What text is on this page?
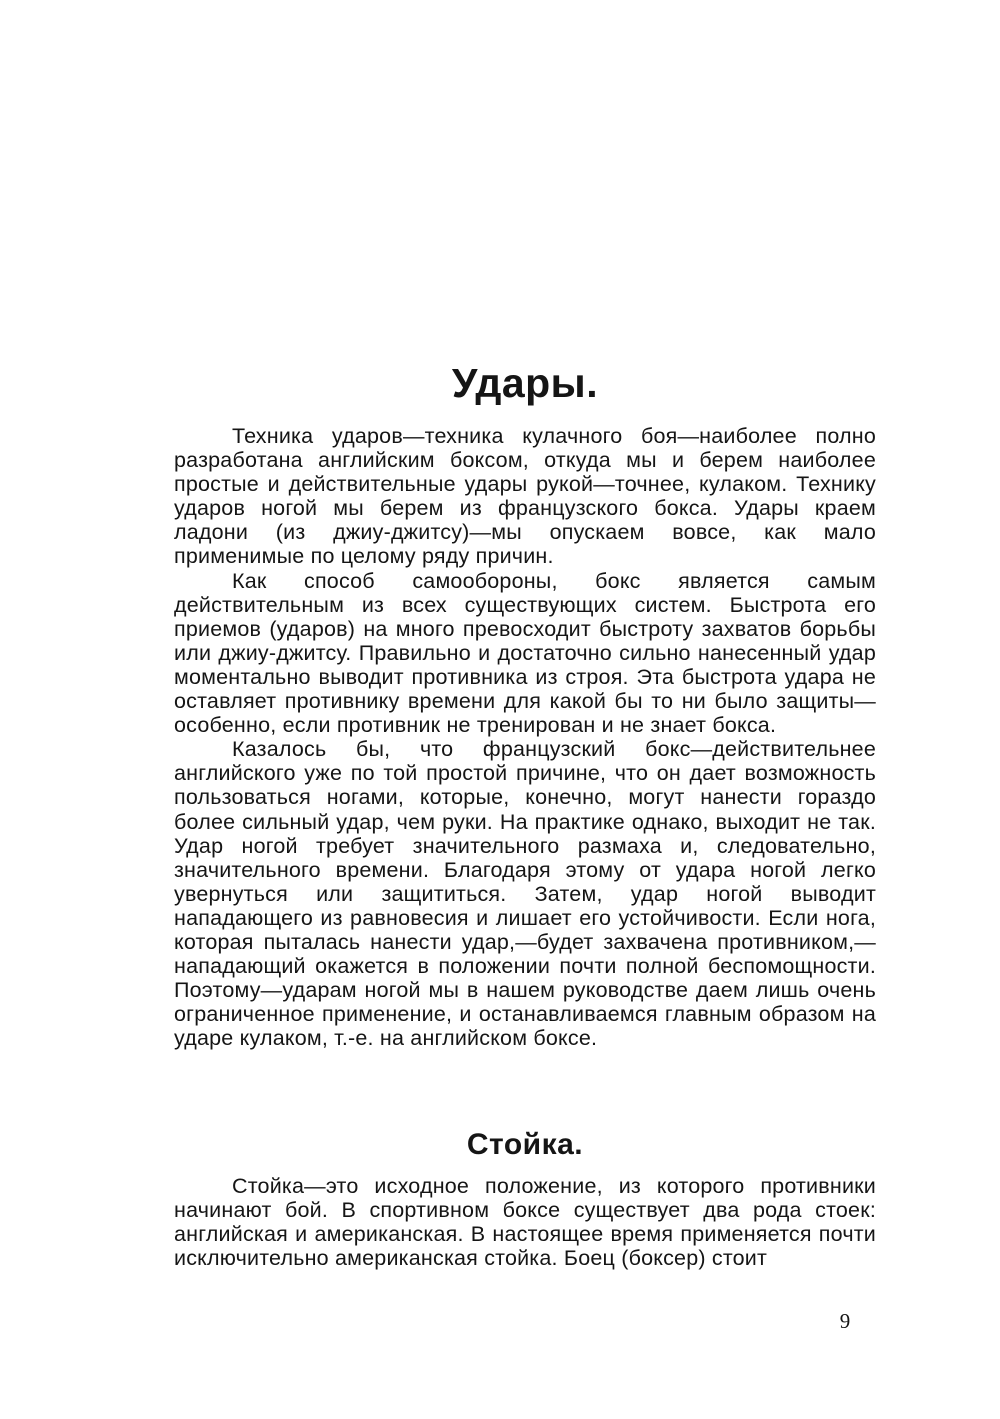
Удары.

Техника ударов—техника кулачного боя—наиболее полно разработана английским боксом, откуда мы и берем наиболее простые и действительные удары рукой—точнее, кулаком. Технику ударов ногой мы берем из французского бокса. Удары краем ладони (из джиу-джитсу)—мы опускаем вовсе, как мало применимые по целому ряду причин.

Как способ самообороны, бокс является самым действительным из всех существующих систем. Быстрота его приемов (ударов) на много превосходит быстроту захватов борьбы или джиу-джитсу. Правильно и достаточно сильно нанесенный удар моментально выводит противника из строя. Эта быстрота удара не оставляет противнику времени для какой бы то ни было защиты—особенно, если противник не тренирован и не знает бокса.

Казалось бы, что французский бокс—действительнее английского уже по той простой причине, что он дает возможность пользоваться ногами, которые, конечно, могут нанести гораздо более сильный удар, чем руки. На практике однако, выходит не так. Удар ногой требует значительного размаха и, следовательно, значительного времени. Благодаря этому от удара ногой легко увернуться или защититься. Затем, удар ногой выводит нападающего из равновесия и лишает его устойчивости. Если нога, которая пыталась нанести удар,—будет захвачена противником,—нападающий окажется в положении почти полной беспомощности. Поэтому—ударам ногой мы в нашем руководстве даем лишь очень ограниченное применение, и останавливаемся главным образом на ударе кулаком, т.-е. на английском боксе.

Стойка.

Стойка—это исходное положение, из которого противники начинают бой. В спортивном боксе существует два рода стоек: английская и американская. В настоящее время применяется почти исключительно американская стойка. Боец (боксер) стоит

9
